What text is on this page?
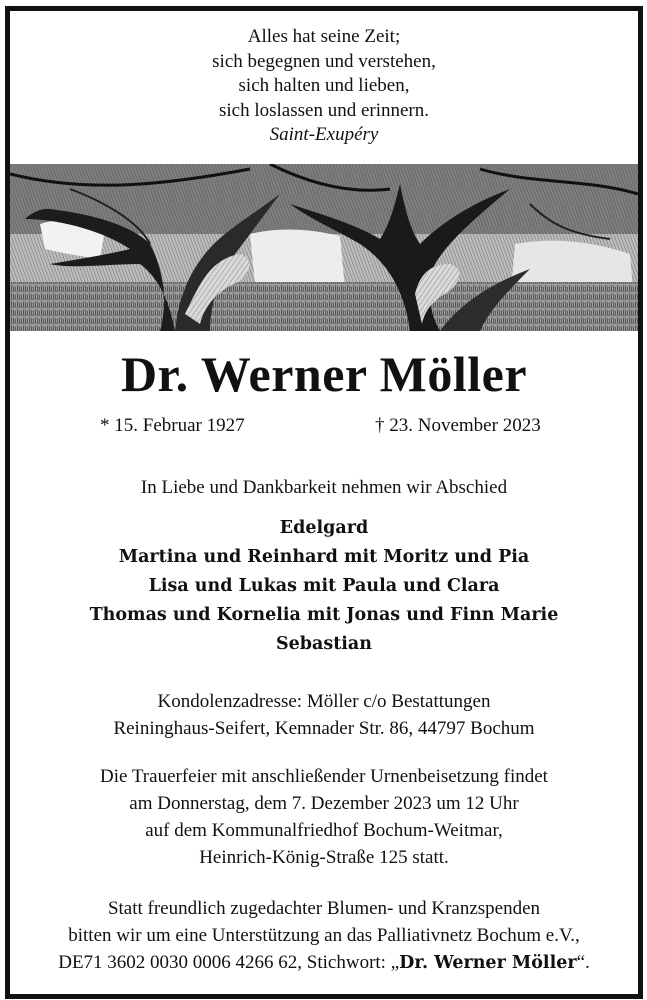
Alles hat seine Zeit;
sich begegnen und verstehen,
sich halten und lieben,
sich loslassen und erinnern.
Saint-Exupéry
Dr. Werner Möller
* 15. Februar 1927	† 23. November 2023
In Liebe und Dankbarkeit nehmen wir Abschied
Edelgard
Martina und Reinhard mit Moritz und Pia
Lisa und Lukas mit Paula und Clara
Thomas und Kornelia mit Jonas und Finn Marie
Sebastian
Kondolenzadresse: Möller c/o Bestattungen
Reininghaus-Seifert, Kemnader Str. 86, 44797 Bochum
Die Trauerfeier mit anschließender Urnenbeisetzung findet
am Donnerstag, dem 7. Dezember 2023 um 12 Uhr
auf dem Kommunalfriedhof Bochum-Weitmar,
Heinrich-König-Straße 125 statt.
Statt freundlich zugedachter Blumen- und Kranzspenden
bitten wir um eine Unterstützung an das Palliativnetz Bochum e.V.,
DE71 3602 0030 0006 4266 62, Stichwort: „Dr. Werner Möller“.
